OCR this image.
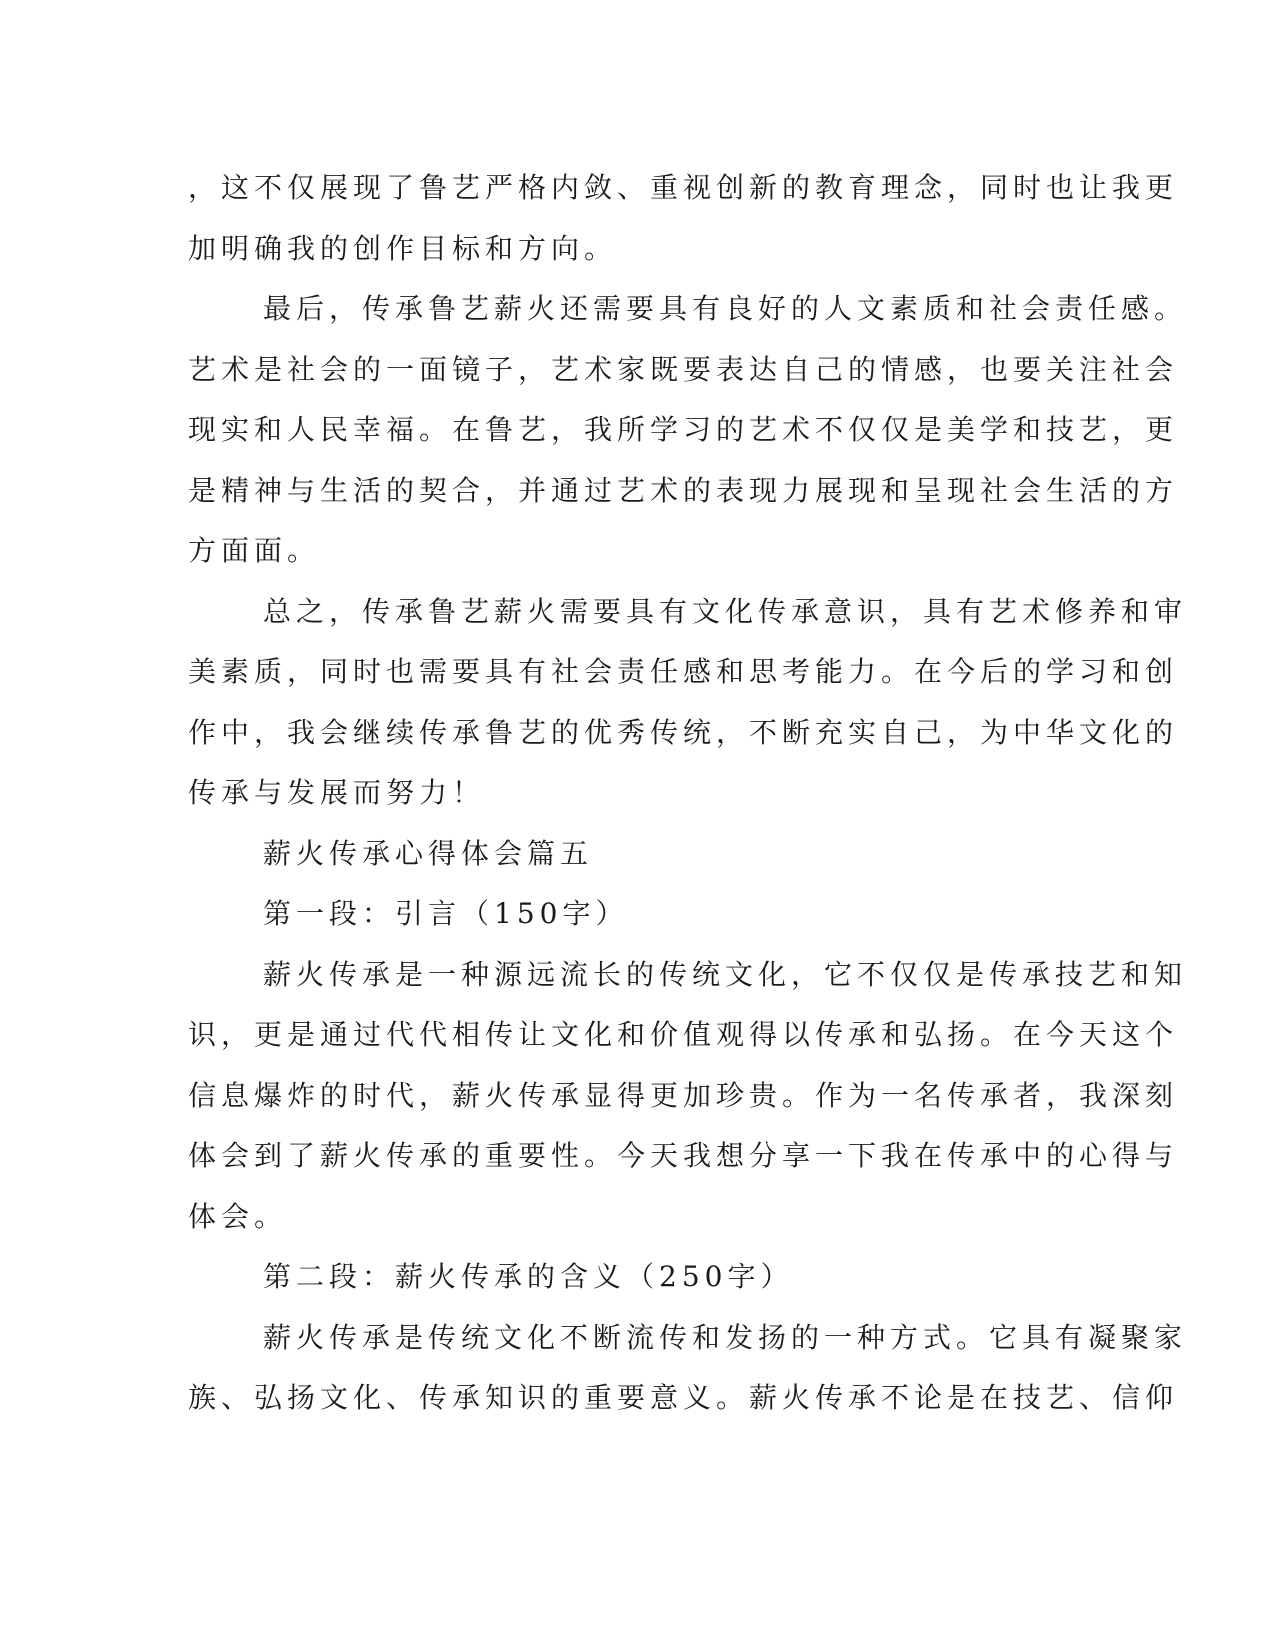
，这不仅展现了鲁艺严格内敛、重视创新的教育理念，同时也让我更
加明确我的创作目标和方向。
最后，传承鲁艺薪火还需要具有良好的人文素质和社会责任感。
艺术是社会的一面镜子，艺术家既要表达自己的情感，也要关注社会
现实和人民幸福。在鲁艺，我所学习的艺术不仅仅是美学和技艺，更
是精神与生活的契合，并通过艺术的表现力展现和呈现社会生活的方
方面面。
总之，传承鲁艺薪火需要具有文化传承意识，具有艺术修养和审
美素质，同时也需要具有社会责任感和思考能力。在今后的学习和创
作中，我会继续传承鲁艺的优秀传统，不断充实自己，为中华文化的
传承与发展而努力！
薪火传承心得体会篇五
第一段：引言（150字）
薪火传承是一种源远流长的传统文化，它不仅仅是传承技艺和知
识，更是通过代代相传让文化和价值观得以传承和弘扬。在今天这个
信息爆炸的时代，薪火传承显得更加珍贵。作为一名传承者，我深刻
体会到了薪火传承的重要性。今天我想分享一下我在传承中的心得与
体会。
第二段：薪火传承的含义（250字）
薪火传承是传统文化不断流传和发扬的一种方式。它具有凝聚家
族、弘扬文化、传承知识的重要意义。薪火传承不论是在技艺、信仰
